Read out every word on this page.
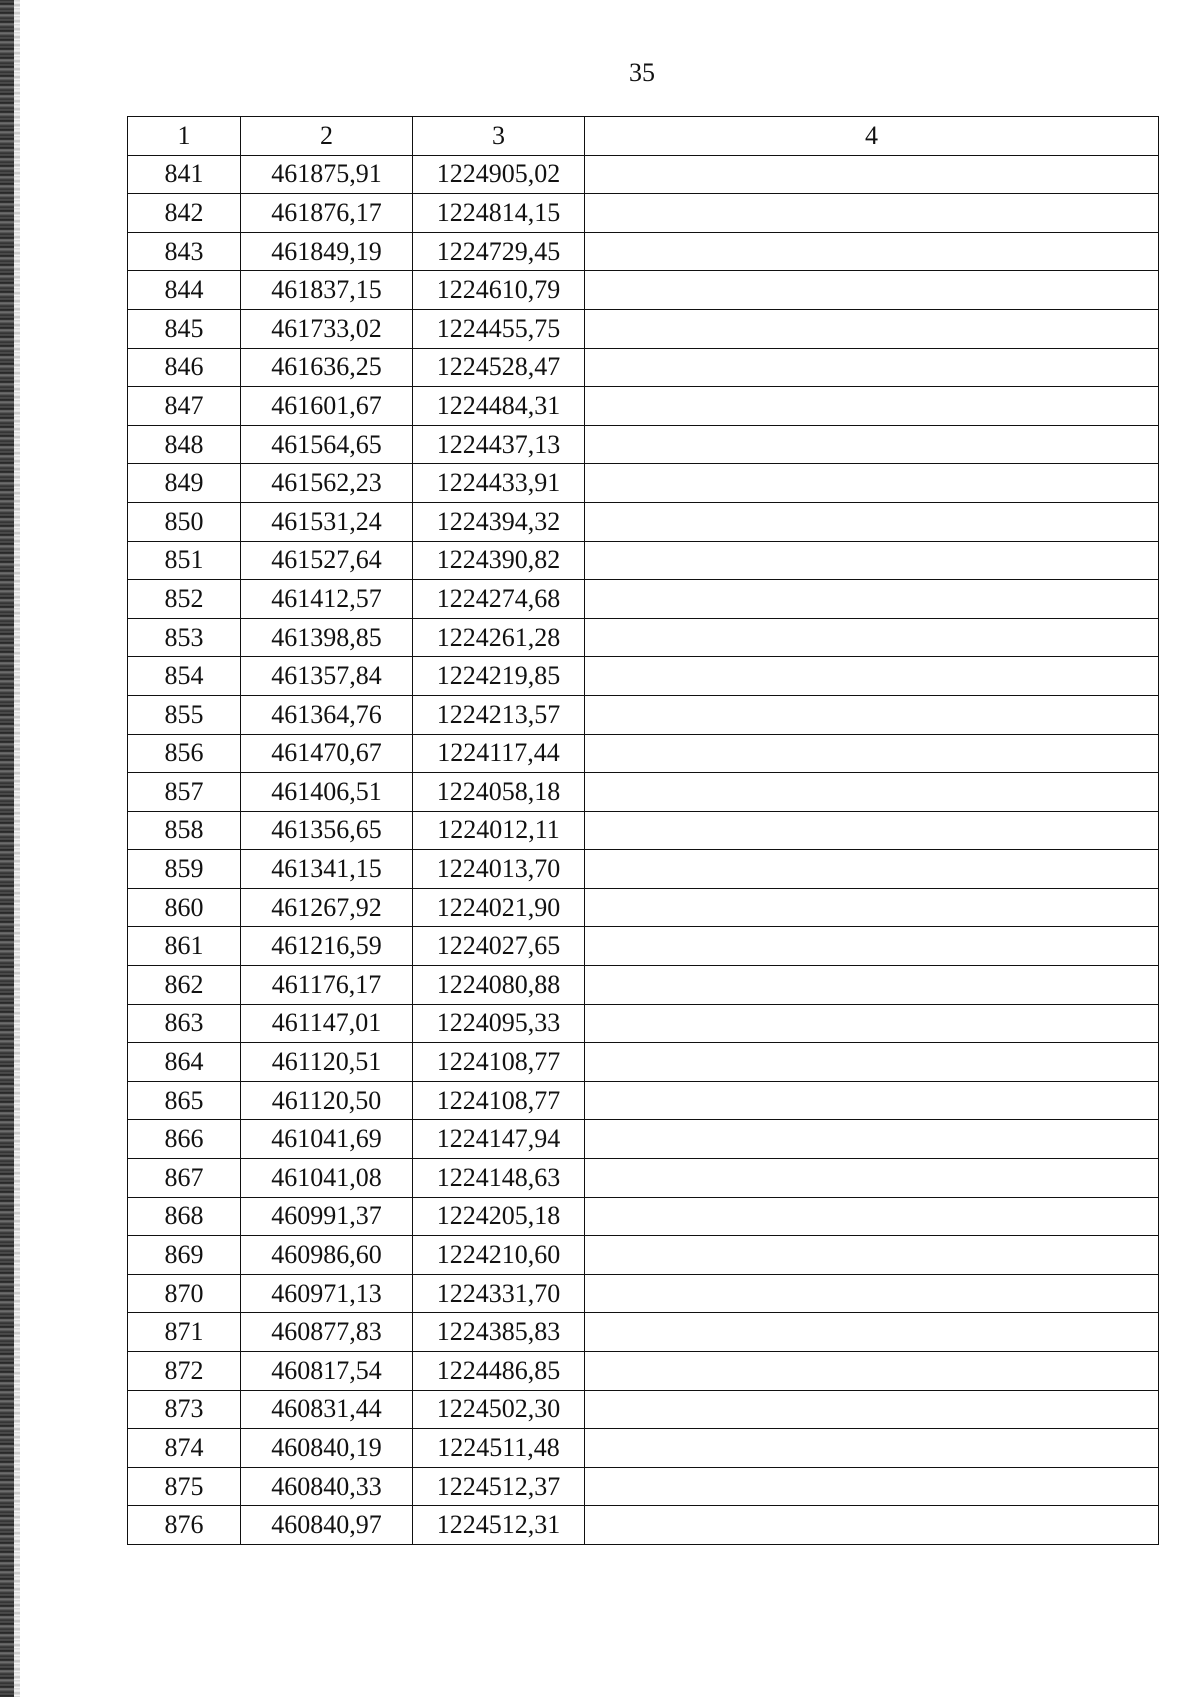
35
1	2	3	4
841	461875,91	1224905,02	
842	461876,17	1224814,15	
843	461849,19	1224729,45	
844	461837,15	1224610,79	
845	461733,02	1224455,75	
846	461636,25	1224528,47	
847	461601,67	1224484,31	
848	461564,65	1224437,13	
849	461562,23	1224433,91	
850	461531,24	1224394,32	
851	461527,64	1224390,82	
852	461412,57	1224274,68	
853	461398,85	1224261,28	
854	461357,84	1224219,85	
855	461364,76	1224213,57	
856	461470,67	1224117,44	
857	461406,51	1224058,18	
858	461356,65	1224012,11	
859	461341,15	1224013,70	
860	461267,92	1224021,90	
861	461216,59	1224027,65	
862	461176,17	1224080,88	
863	461147,01	1224095,33	
864	461120,51	1224108,77	
865	461120,50	1224108,77	
866	461041,69	1224147,94	
867	461041,08	1224148,63	
868	460991,37	1224205,18	
869	460986,60	1224210,60	
870	460971,13	1224331,70	
871	460877,83	1224385,83	
872	460817,54	1224486,85	
873	460831,44	1224502,30	
874	460840,19	1224511,48	
875	460840,33	1224512,37	
876	460840,97	1224512,31	
